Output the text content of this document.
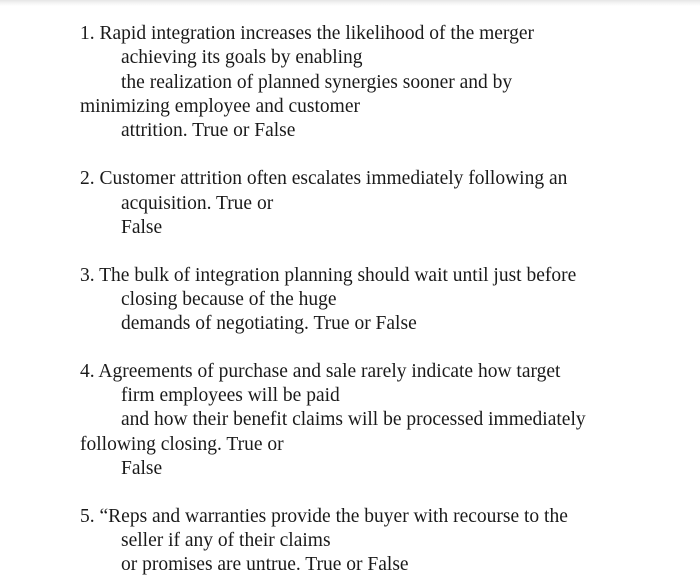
1. Rapid integration increases the likelihood of the merger
achieving its goals by enabling
the realization of planned synergies sooner and by
minimizing employee and customer
attrition. True or False
2. Customer attrition often escalates immediately following an
acquisition. True or
False
3. The bulk of integration planning should wait until just before
closing because of the huge
demands of negotiating. True or False
4. Agreements of purchase and sale rarely indicate how target
firm employees will be paid
and how their benefit claims will be processed immediately
following closing. True or
False
5. “Reps and warranties provide the buyer with recourse to the
seller if any of their claims
or promises are untrue. True or False
